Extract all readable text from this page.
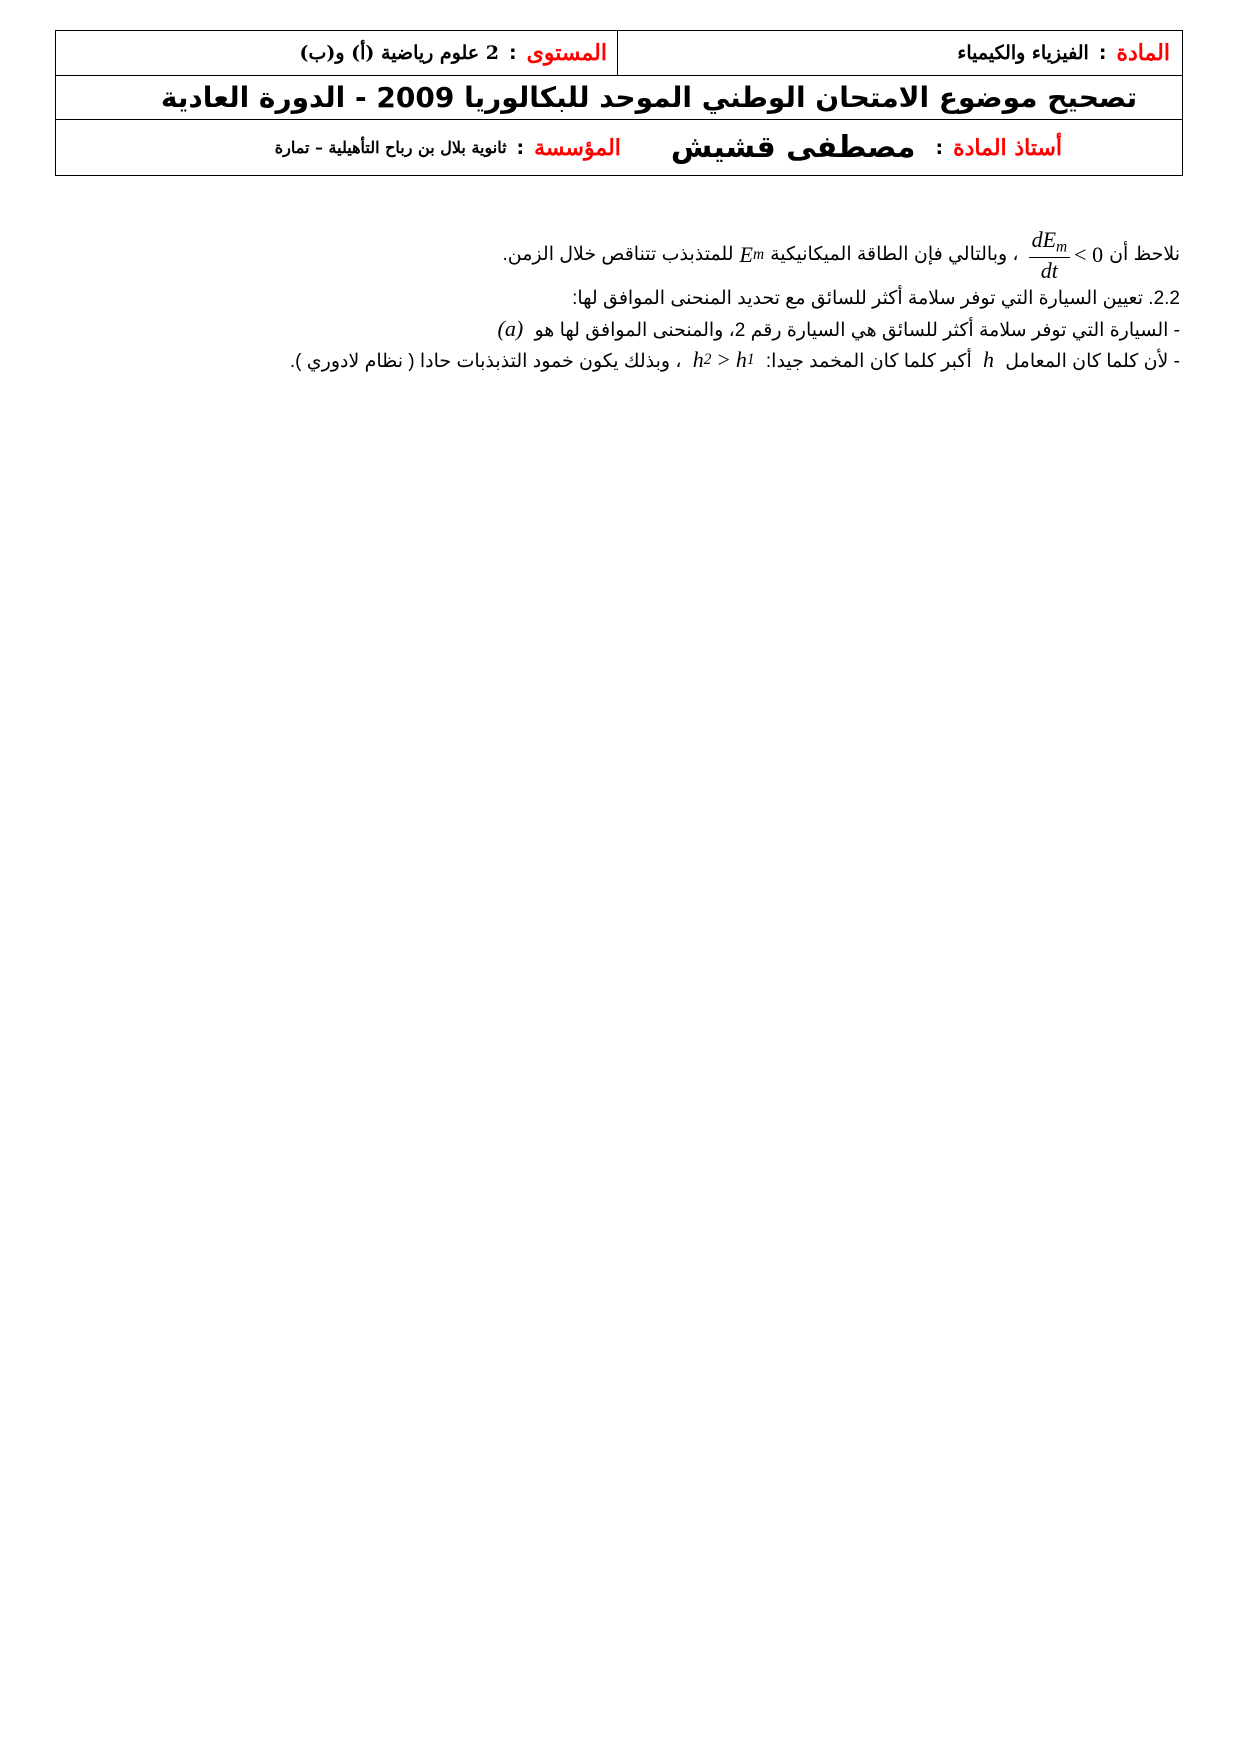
المادة
:
الفيزياء والكيمياء
المستوى
:
2 علوم رياضية (أ) و(ب)
تصحيح موضوع الامتحان الوطني الموحد للبكالوريا 2009 - الدورة العادية
أستاذ المادة
:
مصطفى قشيش
المؤسسة
:
ثانوية بلال بن رباح التأهيلية – تمارة
نلاحظ أن
$\frac{dE_m}{dt} < 0$
، وبالتالي فإن الطاقة الميكانيكية
E m
للمتذبذب تتناقص خلال الزمن.
2.2. تعيين السيارة التي توفر سلامة أكثر للسائق مع تحديد المنحنى الموافق لها:
- السيارة التي توفر سلامة أكثر للسائق هي السيارة رقم 2، والمنحنى الموافق لها هو (a)
- لأن كلما كان المعامل h أكبر كلما كان المخمد جيدا:
h 2 > h 1
، وبذلك يكون خمود التذبذبات حادا ( نظام لادوري ).
